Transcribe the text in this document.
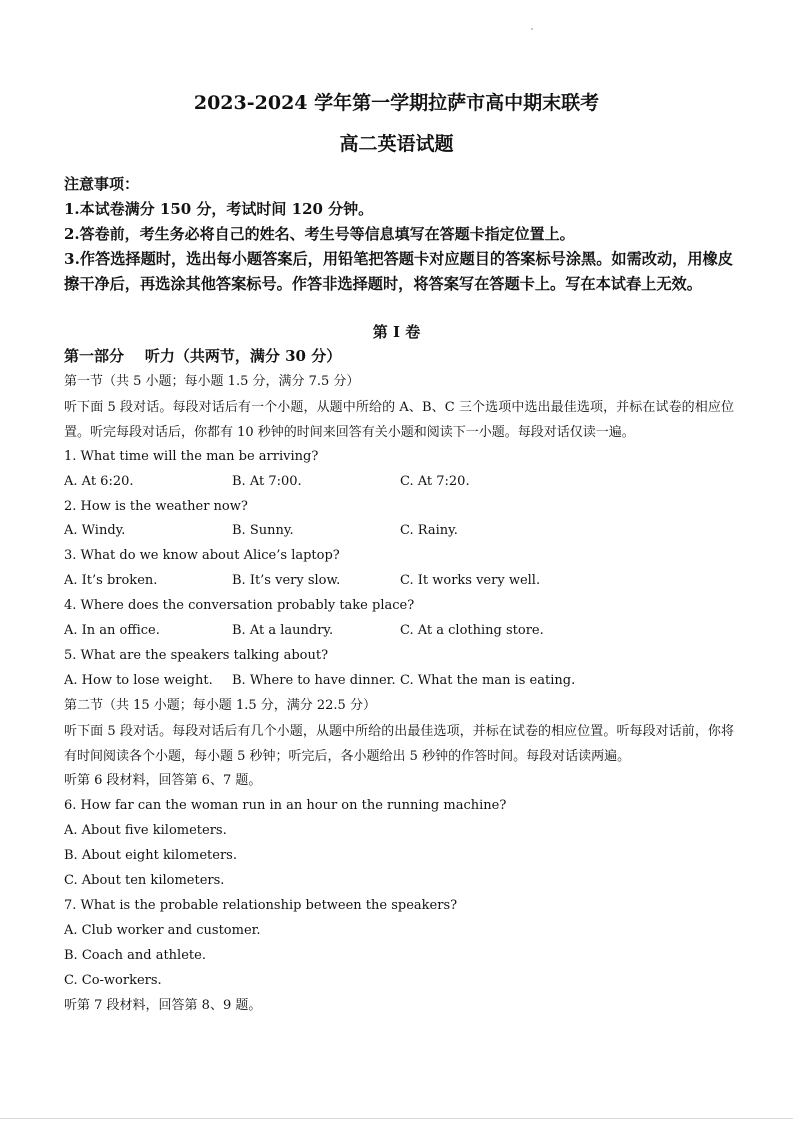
2023-2024 学年第一学期拉萨市高中期末联考
高二英语试题
注意事项：
1.本试卷满分 150 分，考试时间 120 分钟。
2.答卷前，考生务必将自己的姓名、考生号等信息填写在答题卡指定位置上。
3.作答选择题时，选出每小题答案后，用铅笔把答题卡对应题目的答案标号涂黑。如需改动，用橡皮擦干净后，再选涂其他答案标号。作答非选择题时，将答案写在答题卡上。写在本试春上无效。
第 I 卷
第一部分    听力（共两节，满分 30 分）
第一节（共 5 小题；每小题 1.5 分，满分 7.5 分）
听下面 5 段对话。每段对话后有一个小题，从题中所给的 A、B、C 三个选项中选出最佳选项，并标在试卷的相应位置。听完每段对话后，你都有 10 秒钟的时间来回答有关小题和阅读下一小题。每段对话仅读一遍。
1. What time will the man be arriving?
A. At 6:20.	B. At 7:00.	C. At 7:20.
2. How is the weather now?
A. Windy.	B. Sunny.	C. Rainy.
3. What do we know about Alice’s laptop?
A. It’s broken.	B. It’s very slow.	C. It works very well.
4. Where does the conversation probably take place?
A. In an office.	B. At a laundry.	C. At a clothing store.
5. What are the speakers talking about?
A. How to lose weight. B. Where to have dinner. C. What the man is eating.
第二节（共 15 小题；每小题 1.5 分，满分 22.5 分）
听下面 5 段对话。每段对话后有几个小题，从题中所给的出最佳选项，并标在试卷的相应位置。听每段对话前，你将有时间阅读各个小题，每小题 5 秒钟；听完后，各小题给出 5 秒钟的作答时间。每段对话读两遍。
听第 6 段材料，回答第 6、7 题。
6. How far can the woman run in an hour on the running machine?
A. About five kilometers.
B. About eight kilometers.
C. About ten kilometers.
7. What is the probable relationship between the speakers?
A. Club worker and customer.
B. Coach and athlete.
C. Co-workers.
听第 7 段材料，回答第 8、9 题。
